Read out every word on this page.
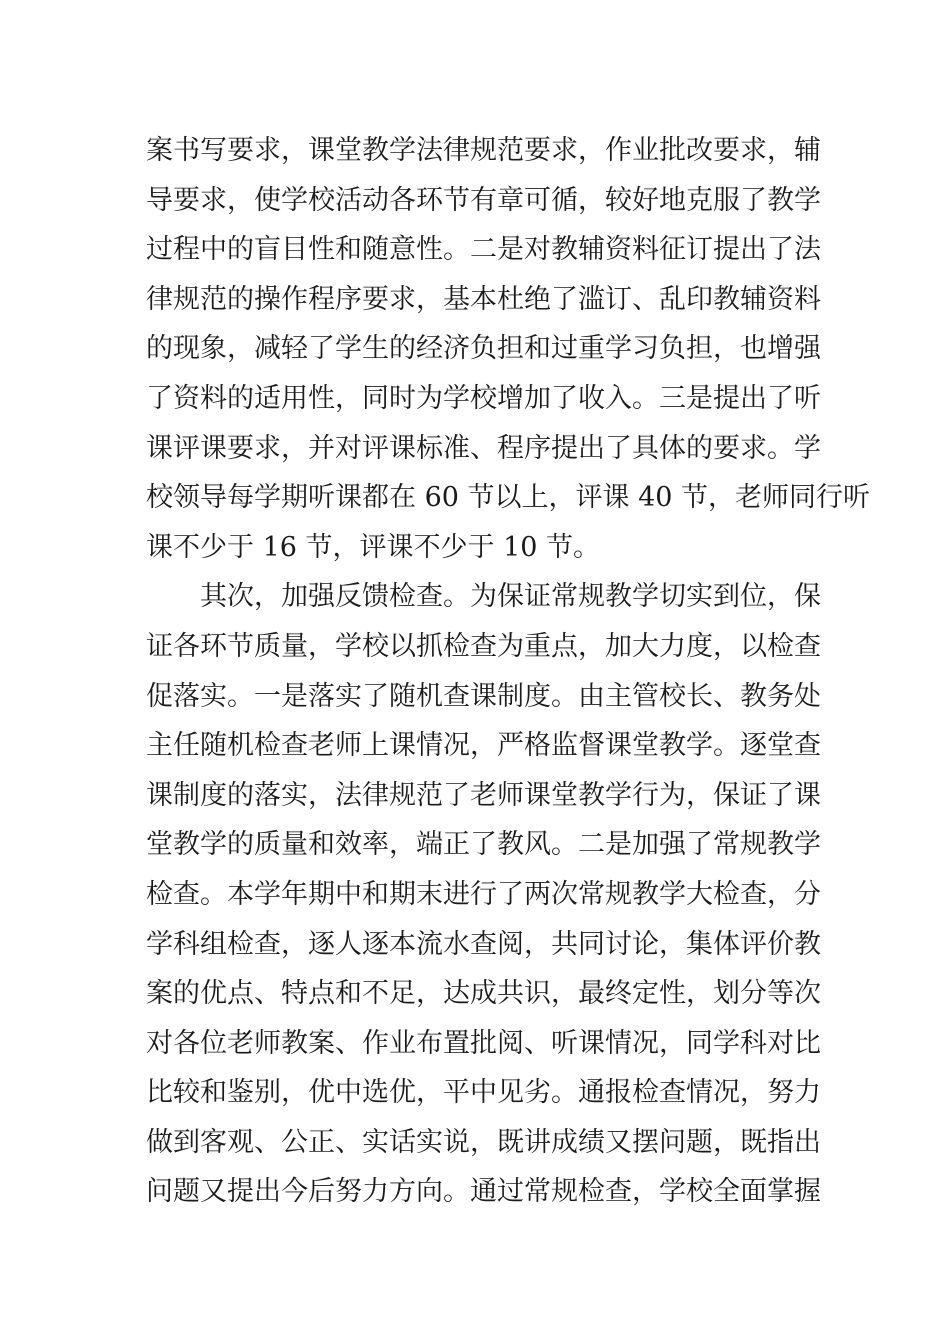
案书写要求，课堂教学法律规范要求，作业批改要求，辅
导要求，使学校活动各环节有章可循，较好地克服了教学
过程中的盲目性和随意性。二是对教辅资料征订提出了法
律规范的操作程序要求，基本杜绝了滥订、乱印教辅资料
的现象，减轻了学生的经济负担和过重学习负担，也增强
了资料的适用性，同时为学校增加了收入。三是提出了听
课评课要求，并对评课标准、程序提出了具体的要求。学
校领导每学期听课都在 60 节以上，评课 40 节，老师同行听
课不少于 16 节，评课不少于 10 节。
其次，加强反馈检查。为保证常规教学切实到位，保
证各环节质量，学校以抓检查为重点，加大力度，以检查
促落实。一是落实了随机查课制度。由主管校长、教务处
主任随机检查老师上课情况，严格监督课堂教学。逐堂查
课制度的落实，法律规范了老师课堂教学行为，保证了课
堂教学的质量和效率，端正了教风。二是加强了常规教学
检查。本学年期中和期末进行了两次常规教学大检查，分
学科组检查，逐人逐本流水查阅，共同讨论，集体评价教
案的优点、特点和不足，达成共识，最终定性，划分等次
对各位老师教案、作业布置批阅、听课情况，同学科对比
比较和鉴别，优中选优，平中见劣。通报检查情况，努力
做到客观、公正、实话实说，既讲成绩又摆问题，既指出
问题又提出今后努力方向。通过常规检查，学校全面掌握
